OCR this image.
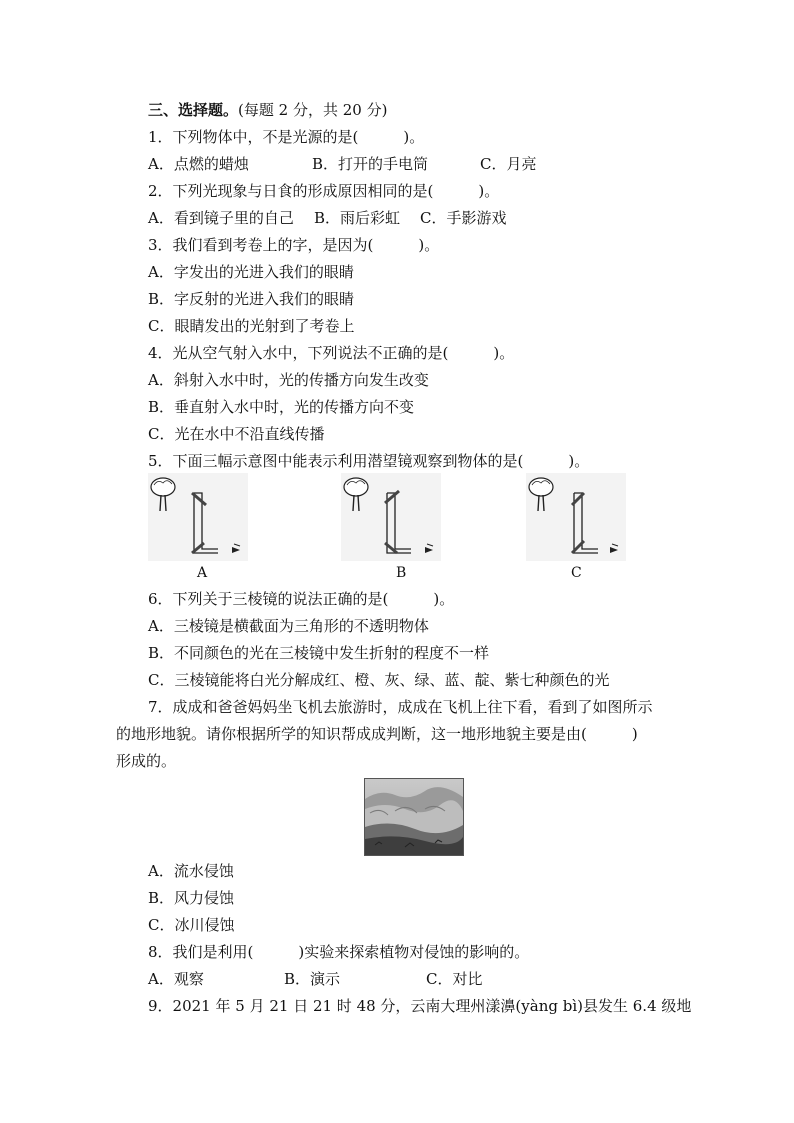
三、选择题。(每题 2 分，共 20 分)
1．下列物体中，不是光源的是(　　　)。
A．点燃的蜡烛	B．打开的手电筒	C．月亮
2．下列光现象与日食的形成原因相同的是(　　　)。
A．看到镜子里的自己 B．雨后彩虹 C．手影游戏
3．我们看到考卷上的字，是因为(　　　)。
A．字发出的光进入我们的眼睛
B．字反射的光进入我们的眼睛
C．眼睛发出的光射到了考卷上
4．光从空气射入水中，下列说法不正确的是(　　　)。
A．斜射入水中时，光的传播方向发生改变
B．垂直射入水中时，光的传播方向不变
C．光在水中不沿直线传播
5．下面三幅示意图中能表示利用潜望镜观察到物体的是(　　　)。
A	B	C
6．下列关于三棱镜的说法正确的是(　　　)。
A．三棱镜是横截面为三角形的不透明物体
B．不同颜色的光在三棱镜中发生折射的程度不一样
C．三棱镜能将白光分解成红、橙、灰、绿、蓝、靛、紫七种颜色的光
7．成成和爸爸妈妈坐飞机去旅游时，成成在飞机上往下看，看到了如图所示
的地形地貌。请你根据所学的知识帮成成判断，这一地形地貌主要是由(　　　)
形成的。
A．流水侵蚀
B．风力侵蚀
C．冰川侵蚀
8．我们是利用(　　　)实验来探索植物对侵蚀的影响的。
A．观察	B．演示	C．对比
9．2021 年 5 月 21 日 21 时 48 分，云南大理州漾濞(yàng bì)县发生 6.4 级地
